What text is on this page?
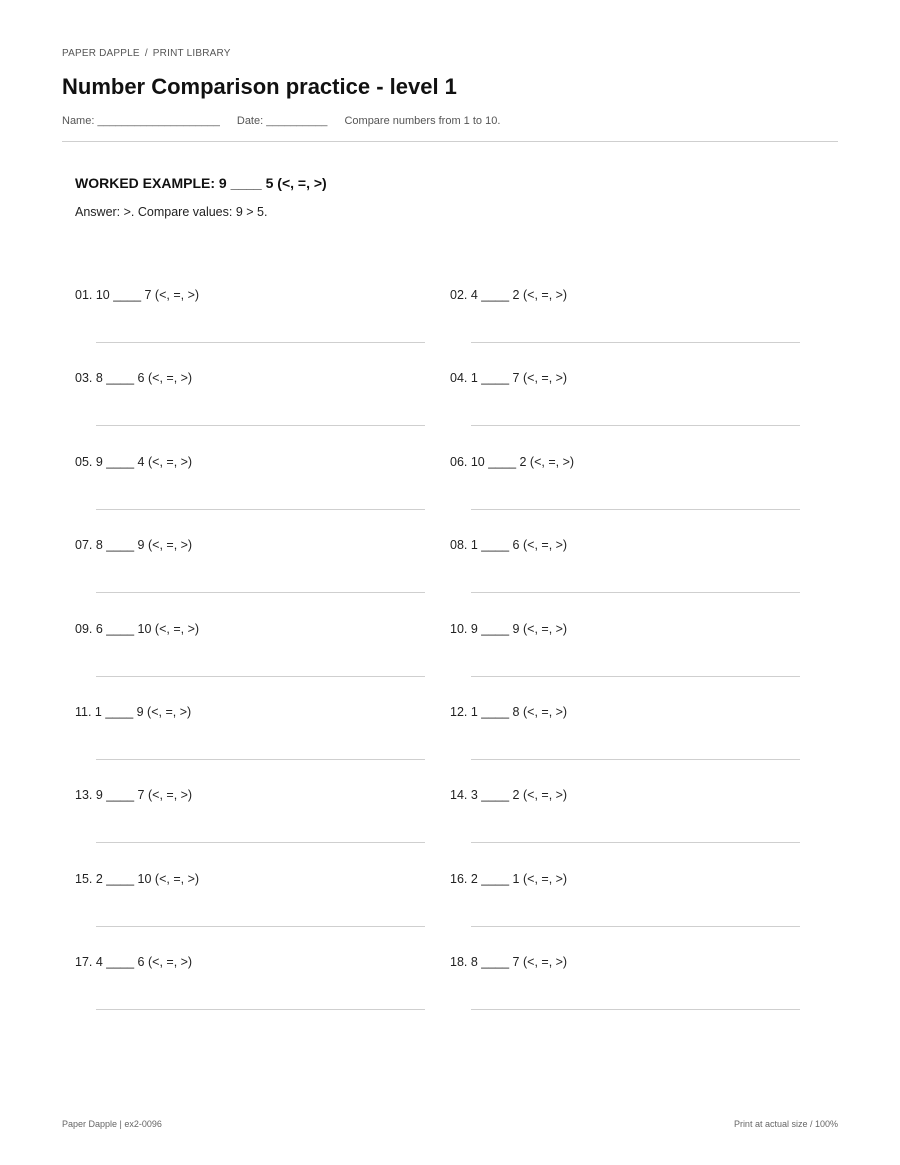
PAPER DAPPLE / PRINT LIBRARY
Number Comparison practice - level 1
Name: ____________________ Date: __________ Compare numbers from 1 to 10.
WORKED EXAMPLE: 9 ____ 5 (<, =, >)
Answer: >. Compare values: 9 > 5.
01. 10 ____ 7 (<, =, >)	02. 4 ____ 2 (<, =, >)
03. 8 ____ 6 (<, =, >)	04. 1 ____ 7 (<, =, >)
05. 9 ____ 4 (<, =, >)	06. 10 ____ 2 (<, =, >)
07. 8 ____ 9 (<, =, >)	08. 1 ____ 6 (<, =, >)
09. 6 ____ 10 (<, =, >)	10. 9 ____ 9 (<, =, >)
11. 1 ____ 9 (<, =, >)	12. 1 ____ 8 (<, =, >)
13. 9 ____ 7 (<, =, >)	14. 3 ____ 2 (<, =, >)
15. 2 ____ 10 (<, =, >)	16. 2 ____ 1 (<, =, >)
17. 4 ____ 6 (<, =, >)	18. 8 ____ 7 (<, =, >)
Paper Dapple | ex2-0096	Print at actual size / 100%
